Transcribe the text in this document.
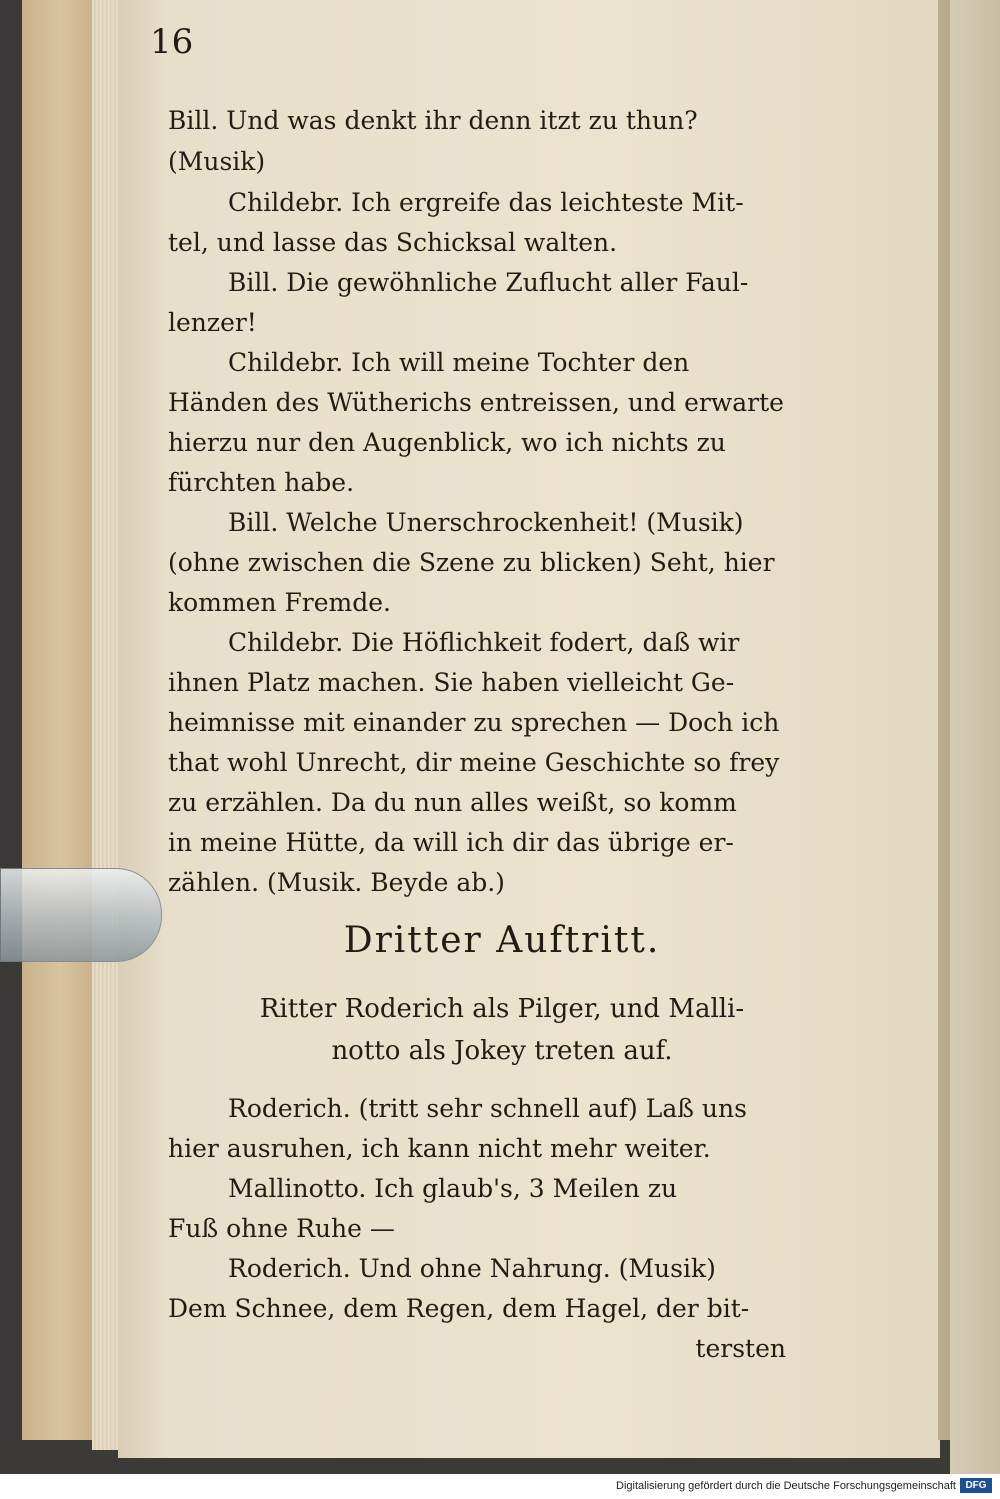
16

Bill. Und was denkt ihr denn itzt zu thun?

(Musik)

Childebr. Ich ergreife das leichteste Mit-

tel, und lasse das Schicksal walten.

Bill. Die gewöhnliche Zuflucht aller Faul-

lenzer!

Childebr. Ich will meine Tochter den

Händen des Wütherichs entreissen, und erwarte

hierzu nur den Augenblick, wo ich nichts zu

fürchten habe.

Bill. Welche Unerschrockenheit! (Musik)

(ohne zwischen die Szene zu blicken) Seht, hier

kommen Fremde.

Childebr. Die Höflichkeit fodert, daß wir

ihnen Platz machen. Sie haben vielleicht Ge-

heimnisse mit einander zu sprechen — Doch ich

that wohl Unrecht, dir meine Geschichte so frey

zu erzählen. Da du nun alles weißt, so komm

in meine Hütte, da will ich dir das übrige er-

zählen. (Musik. Beyde ab.)

Dritter Auftritt.
Ritter Roderich als Pilger, und Malli-
notto als Jokey treten auf.

Roderich. (tritt sehr schnell auf) Laß uns

hier ausruhen, ich kann nicht mehr weiter.

Mallinotto. Ich glaub's, 3 Meilen zu

Fuß ohne Ruhe —

Roderich. Und ohne Nahrung. (Musik)

Dem Schnee, dem Regen, dem Hagel, der bit-

tersten

Digitalisierung gefördert durch die Deutsche Forschungsgemeinschaft DFG
